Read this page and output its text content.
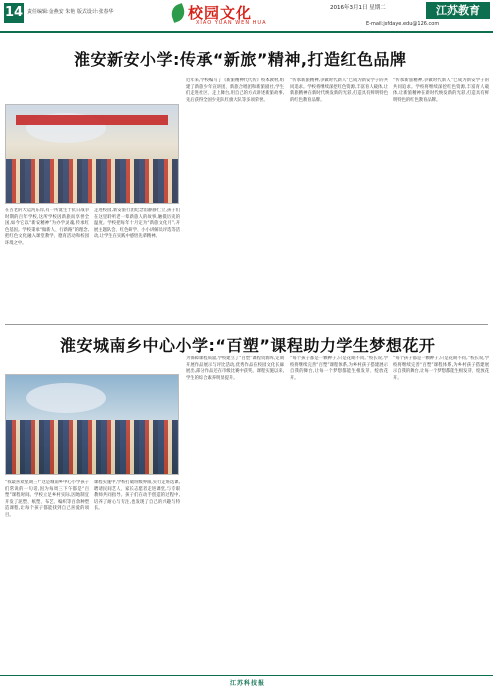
14 责任编辑:金燕安 朱艳 版式设计:张春华	校园文化
XIAO YUAN WEN HUA
2016年3月1日 星期二	江苏教育
E-mail:jsfdaye.edu@126.com
淮安新安小学:传承“新旅”精神,打造红色品牌
在古老的大运河东岸,有一所诞生于抗日战争时期的百年学校,这所学校因新旅而享誉全国,如今它以“新安精神”为办学灵魂,传承红色基因。学校秉承“做新人、行新路”的理念,把红色文化融入课堂教学、德育活动和校园环境之中。
走进校园,新安旅行团纪念馆静静伫立,孩子们在这里聆听老一辈新旅人的故事,触摸历史的温度。学校把每年十月定为“新旅文化月”,开展主题队会、红色研学、小小讲解员评选等活动,让学生在实践中感悟先辈精神。
近年来,学校编写了《新旅精神代代传》校本教材,组建了新旅少年宣讲团、新旅合唱团和新旅剧社,学生们走进社区、走上舞台,用自己的方式讲述新旅故事,先后获得全国少先队红旗大队等多项荣誉。
“传承新旅精神,争做时代新人”已成为新安学子的共同追求。学校将继续深挖红色资源,丰富育人载体,让新旅精神在新时代焕发新的光彩,打造具有鲜明特色的红色教育品牌。
“传承新旅精神,争做时代新人”已成为新安学子的共同追求。学校将继续深挖红色资源,丰富育人载体,让新旅精神在新时代焕发新的光彩,打造具有鲜明特色的红色教育品牌。
淮安城南乡中心小学:“百塑”课程助力学生梦想花开
“我最喜欢星期三!”这是城南乡中心小学孩子们常说的一句话,因为每周三下午都是“百塑”课程时间。学校立足乡村实际,因地制宜开发了泥塑、纸塑、布艺、编织等百余种塑造课程,让每个孩子都能找到自己喜爱的项目。
课程实施中,学校打破班级界限,实行走班选课,聘请民间艺人、家长志愿者走进课堂,与专职教师共同指导。孩子们在动手创造的过程中,培养了耐心与专注,也发现了自己的兴趣与特长。
为保障课程质量,学校建立了“百塑”课程资源库,定期开展作品展示与评比活动,优秀作品在校园文化长廊展出,部分作品还在市级比赛中获奖。课程实施以来,学生的综合素养明显提升。
“每个孩子都是一颗种子,只是花期不同。”校长说,学校将继续完善“百塑”课程体系,为乡村孩子搭建展示自我的舞台,让每一个梦想都能生根发芽、绽放花开。
“每个孩子都是一颗种子,只是花期不同。”校长说,学校将继续完善“百塑”课程体系,为乡村孩子搭建展示自我的舞台,让每一个梦想都能生根发芽、绽放花开。
江苏科技报
